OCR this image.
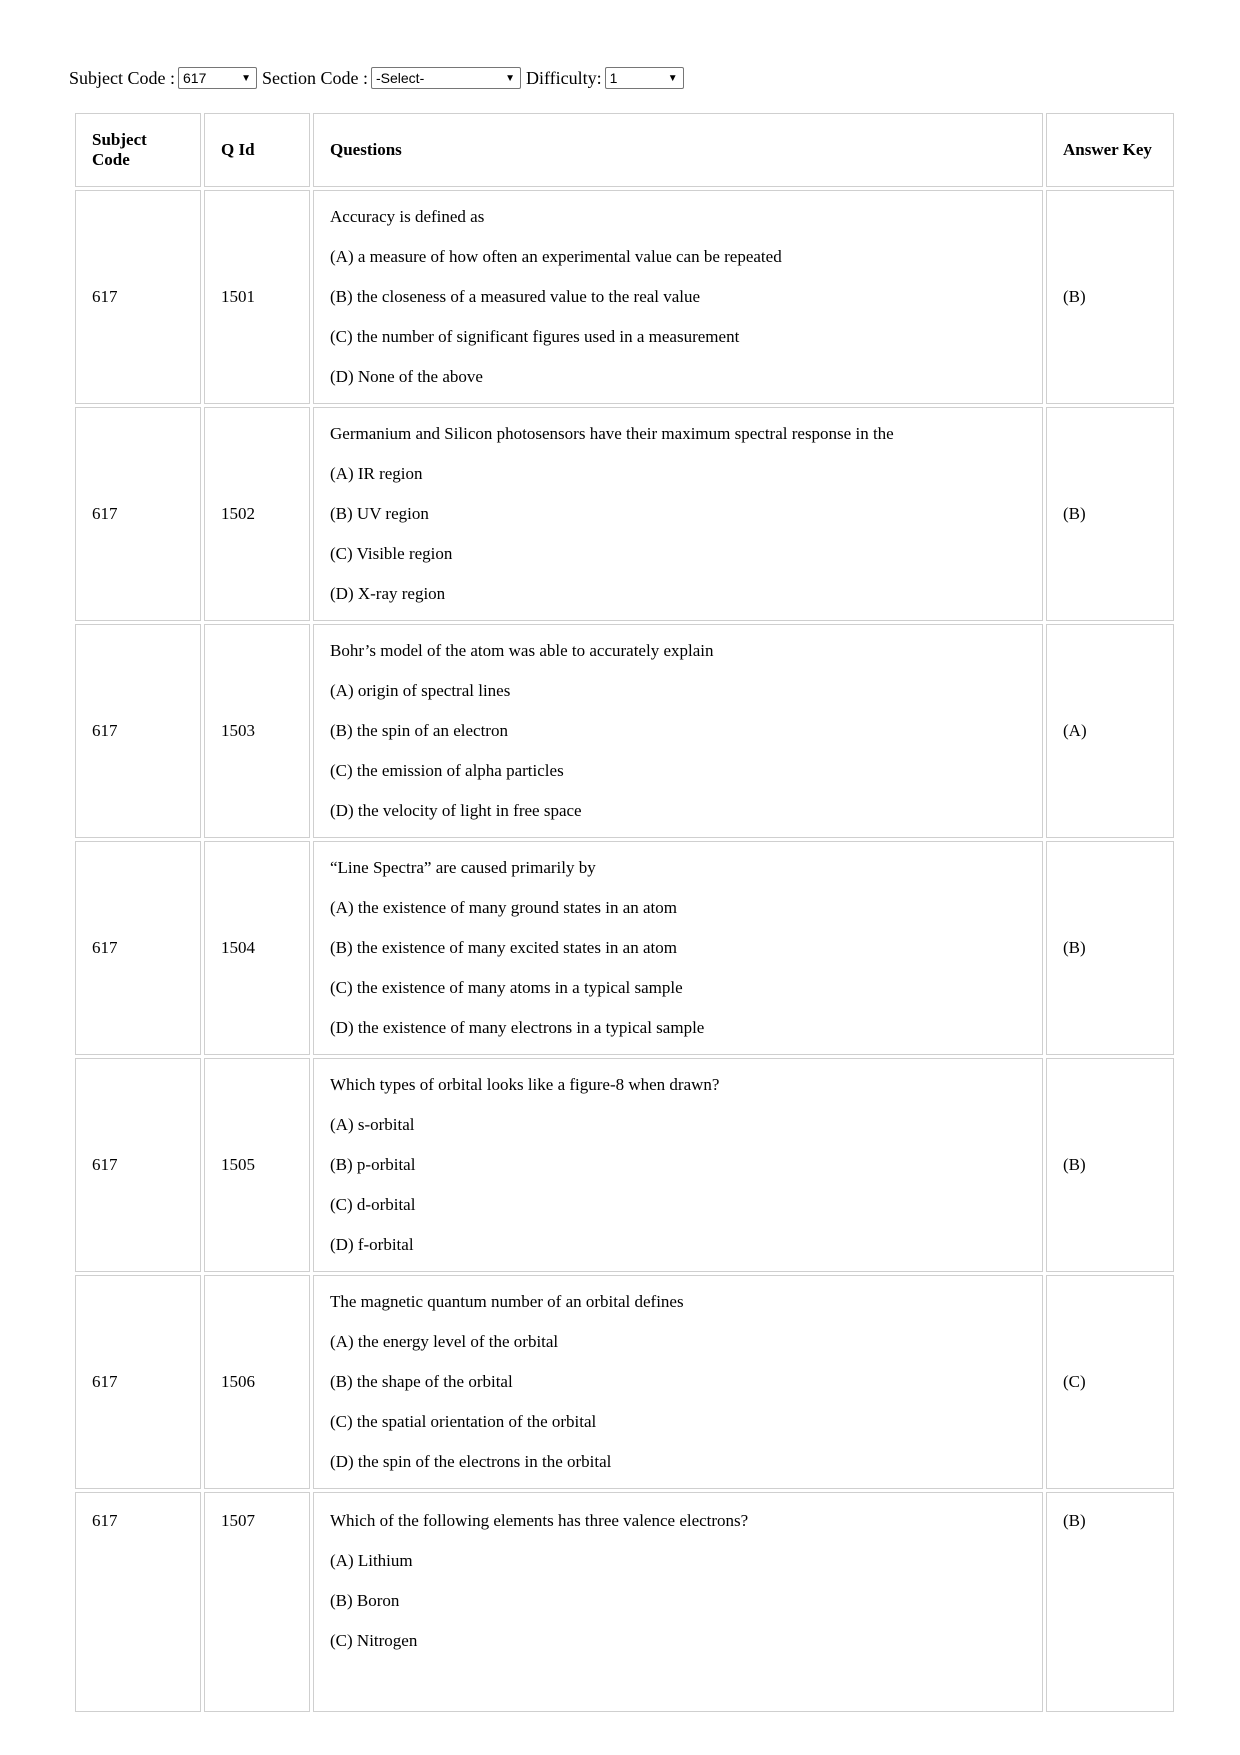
Subject Code : 617	▼ Section Code : -Select-	▼ Difficulty: 1	▼
Subject Code	Q Id	Questions	Answer Key
617	1501	Accuracy is defined as
(A) a measure of how often an experimental value can be repeated
(B) the closeness of a measured value to the real value
(C) the number of significant figures used in a measurement
(D) None of the above	(B)
617	1502	Germanium and Silicon photosensors have their maximum spectral response in the
(A) IR region
(B) UV region
(C) Visible region
(D) X-ray region	(B)
617	1503	Bohr’s model of the atom was able to accurately explain
(A) origin of spectral lines
(B) the spin of an electron
(C) the emission of alpha particles
(D) the velocity of light in free space	(A)
617	1504	“Line Spectra” are caused primarily by
(A) the existence of many ground states in an atom
(B) the existence of many excited states in an atom
(C) the existence of many atoms in a typical sample
(D) the existence of many electrons in a typical sample	(B)
617	1505	Which types of orbital looks like a figure-8 when drawn?
(A) s-orbital
(B) p-orbital
(C) d-orbital
(D) f-orbital	(B)
617	1506	The magnetic quantum number of an orbital defines
(A) the energy level of the orbital
(B) the shape of the orbital
(C) the spatial orientation of the orbital
(D) the spin of the electrons in the orbital	(C)
617	1507	Which of the following elements has three valence electrons?
(A) Lithium
(B) Boron
(C) Nitrogen	(B)
